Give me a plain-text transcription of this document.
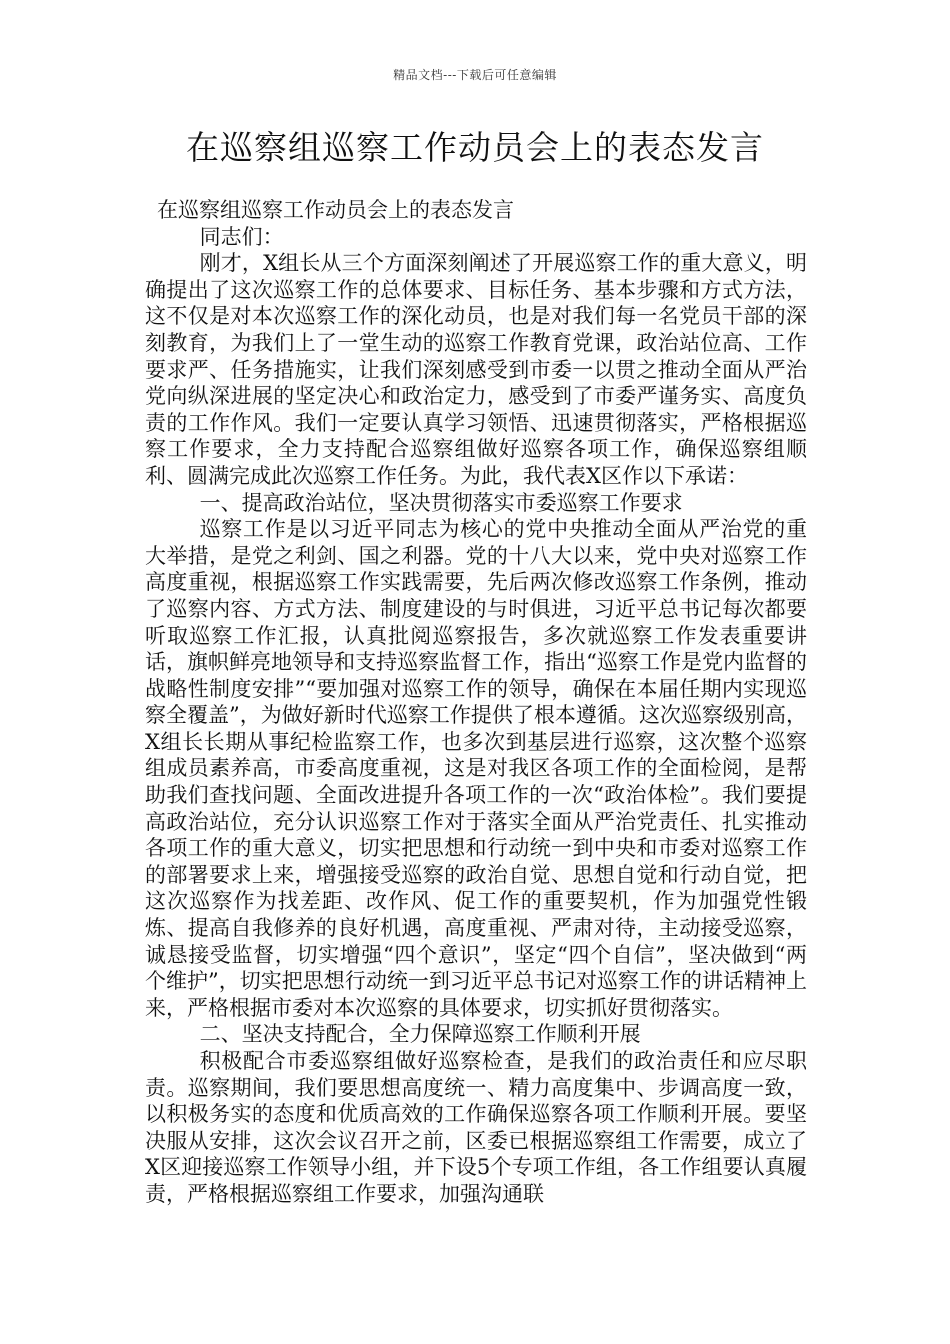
精品文档---下载后可任意编辑
在巡察组巡察工作动员会上的表态发言

在巡察组巡察工作动员会上的表态发言

同志们：

刚才，X组长从三个方面深刻阐述了开展巡察工作的重大意义，明确提出了这次巡察工作的总体要求、目标任务、基本步骤和方式方法，这不仅是对本次巡察工作的深化动员，也是对我们每一名党员干部的深刻教育，为我们上了一堂生动的巡察工作教育党课，政治站位高、工作要求严、任务措施实，让我们深刻感受到市委一以贯之推动全面从严治党向纵深进展的坚定决心和政治定力，感受到了市委严谨务实、高度负责的工作作风。我们一定要认真学习领悟、迅速贯彻落实，严格根据巡察工作要求，全力支持配合巡察组做好巡察各项工作，确保巡察组顺利、圆满完成此次巡察工作任务。为此，我代表X区作以下承诺：

一、提高政治站位，坚决贯彻落实市委巡察工作要求

巡察工作是以习近平同志为核心的党中央推动全面从严治党的重大举措，是党之利剑、国之利器。党的十八大以来，党中央对巡察工作高度重视，根据巡察工作实践需要，先后两次修改巡察工作条例，推动了巡察内容、方式方法、制度建设的与时俱进，习近平总书记每次都要听取巡察工作汇报，认真批阅巡察报告，多次就巡察工作发表重要讲话，旗帜鲜亮地领导和支持巡察监督工作，指出“巡察工作是党内监督的战略性制度安排”“要加强对巡察工作的领导，确保在本届任期内实现巡察全覆盖”，为做好新时代巡察工作提供了根本遵循。这次巡察级别高，X组长长期从事纪检监察工作，也多次到基层进行巡察，这次整个巡察组成员素养高，市委高度重视，这是对我区各项工作的全面检阅，是帮助我们查找问题、全面改进提升各项工作的一次“政治体检”。我们要提高政治站位，充分认识巡察工作对于落实全面从严治党责任、扎实推动各项工作的重大意义，切实把思想和行动统一到中央和市委对巡察工作的部署要求上来，增强接受巡察的政治自觉、思想自觉和行动自觉，把这次巡察作为找差距、改作风、促工作的重要契机，作为加强党性锻炼、提高自我修养的良好机遇，高度重视、严肃对待，主动接受巡察，诚恳接受监督，切实增强“四个意识”，坚定“四个自信”，坚决做到“两个维护”，切实把思想行动统一到习近平总书记对巡察工作的讲话精神上来，严格根据市委对本次巡察的具体要求，切实抓好贯彻落实。

二、坚决支持配合，全力保障巡察工作顺利开展

积极配合市委巡察组做好巡察检查，是我们的政治责任和应尽职责。巡察期间，我们要思想高度统一、精力高度集中、步调高度一致，以积极务实的态度和优质高效的工作确保巡察各项工作顺利开展。要坚决服从安排，这次会议召开之前，区委已根据巡察组工作需要，成立了X区迎接巡察工作领导小组，并下设5个专项工作组，各工作组要认真履责，严格根据巡察组工作要求，加强沟通联
